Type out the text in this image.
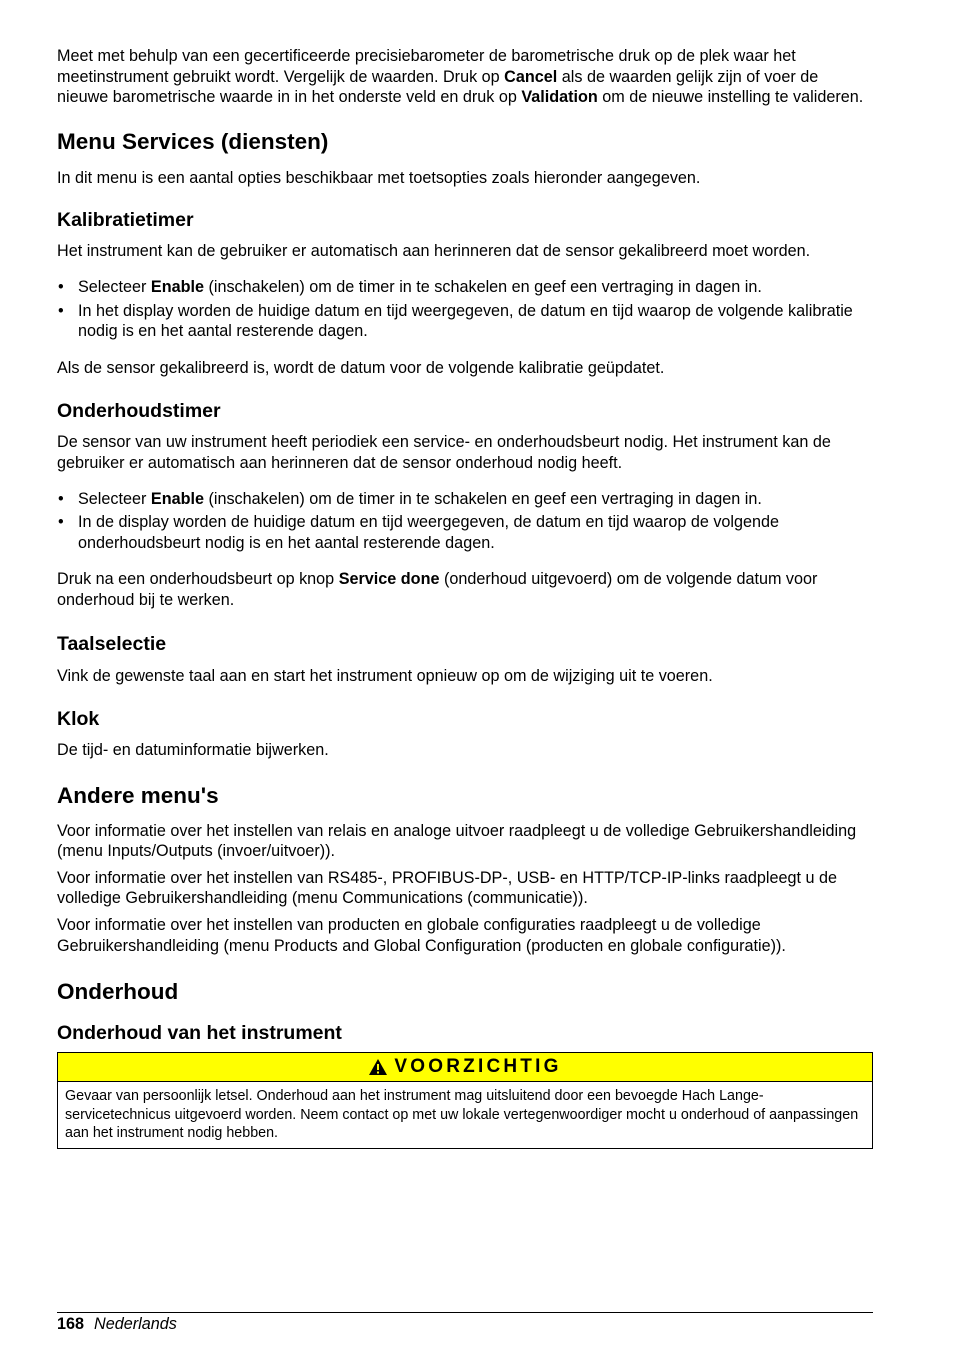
Meet met behulp van een gecertificeerde precisiebarometer de barometrische druk op de plek waar het meetinstrument gebruikt wordt. Vergelijk de waarden. Druk op Cancel als de waarden gelijk zijn of voer de nieuwe barometrische waarde in in het onderste veld en druk op Validation om de nieuwe instelling te valideren.

Menu Services (diensten)

In dit menu is een aantal opties beschikbaar met toetsopties zoals hieronder aangegeven.

Kalibratietimer

Het instrument kan de gebruiker er automatisch aan herinneren dat de sensor gekalibreerd moet worden.

• Selecteer Enable (inschakelen) om de timer in te schakelen en geef een vertraging in dagen in.
• In het display worden de huidige datum en tijd weergegeven, de datum en tijd waarop de volgende kalibratie nodig is en het aantal resterende dagen.

Als de sensor gekalibreerd is, wordt de datum voor de volgende kalibratie geüpdatet.

Onderhoudstimer

De sensor van uw instrument heeft periodiek een service- en onderhoudsbeurt nodig. Het instrument kan de gebruiker er automatisch aan herinneren dat de sensor onderhoud nodig heeft.

• Selecteer Enable (inschakelen) om de timer in te schakelen en geef een vertraging in dagen in.
• In de display worden de huidige datum en tijd weergegeven, de datum en tijd waarop de volgende onderhoudsbeurt nodig is en het aantal resterende dagen.

Druk na een onderhoudsbeurt op knop Service done (onderhoud uitgevoerd) om de volgende datum voor onderhoud bij te werken.

Taalselectie

Vink de gewenste taal aan en start het instrument opnieuw op om de wijziging uit te voeren.

Klok

De tijd- en datuminformatie bijwerken.

Andere menu's

Voor informatie over het instellen van relais en analoge uitvoer raadpleegt u de volledige Gebruikershandleiding (menu Inputs/Outputs (invoer/uitvoer)).

Voor informatie over het instellen van RS485-, PROFIBUS-DP-, USB- en HTTP/TCP-IP-links raadpleegt u de volledige Gebruikershandleiding (menu Communications (communicatie)).

Voor informatie over het instellen van producten en globale configuraties raadpleegt u de volledige Gebruikershandleiding (menu Products and Global Configuration (producten en globale configuratie)).

Onderhoud
Onderhoud van het instrument
VOORZICHTIG
Gevaar van persoonlijk letsel. Onderhoud aan het instrument mag uitsluitend door een bevoegde Hach Lange-servicetechnicus uitgevoerd worden. Neem contact op met uw lokale vertegenwoordiger mocht u onderhoud of aanpassingen aan het instrument nodig hebben.
168 Nederlands
